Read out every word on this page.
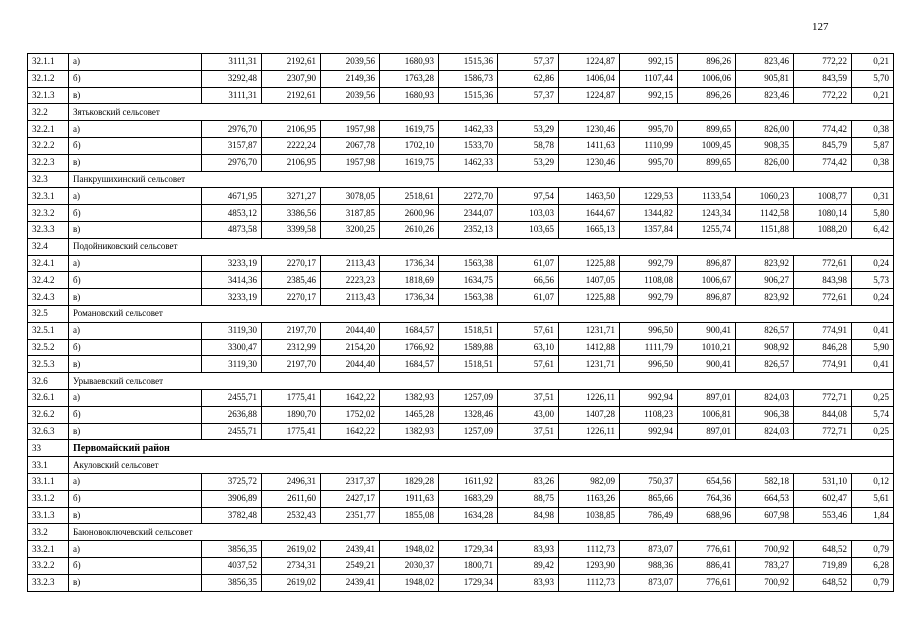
127
32.1.1	а)	3111,31	2192,61	2039,56	1680,93	1515,36	57,37	1224,87	992,15	896,26	823,46	772,22	0,21
32.1.2	б)	3292,48	2307,90	2149,36	1763,28	1586,73	62,86	1406,04	1107,44	1006,06	905,81	843,59	5,70
32.1.3	в)	3111,31	2192,61	2039,56	1680,93	1515,36	57,37	1224,87	992,15	896,26	823,46	772,22	0,21
32.2	Зятьковский сельсовет												
32.2.1	а)	2976,70	2106,95	1957,98	1619,75	1462,33	53,29	1230,46	995,70	899,65	826,00	774,42	0,38
32.2.2	б)	3157,87	2222,24	2067,78	1702,10	1533,70	58,78	1411,63	1110,99	1009,45	908,35	845,79	5,87
32.2.3	в)	2976,70	2106,95	1957,98	1619,75	1462,33	53,29	1230,46	995,70	899,65	826,00	774,42	0,38
32.3	Панкрушихинский сельсовет												
32.3.1	а)	4671,95	3271,27	3078,05	2518,61	2272,70	97,54	1463,50	1229,53	1133,54	1060,23	1008,77	0,31
32.3.2	б)	4853,12	3386,56	3187,85	2600,96	2344,07	103,03	1644,67	1344,82	1243,34	1142,58	1080,14	5,80
32.3.3	в)	4873,58	3399,58	3200,25	2610,26	2352,13	103,65	1665,13	1357,84	1255,74	1151,88	1088,20	6,42
32.4	Подойниковский сельсовет												
32.4.1	а)	3233,19	2270,17	2113,43	1736,34	1563,38	61,07	1225,88	992,79	896,87	823,92	772,61	0,24
32.4.2	б)	3414,36	2385,46	2223,23	1818,69	1634,75	66,56	1407,05	1108,08	1006,67	906,27	843,98	5,73
32.4.3	в)	3233,19	2270,17	2113,43	1736,34	1563,38	61,07	1225,88	992,79	896,87	823,92	772,61	0,24
32.5	Романовский сельсовет												
32.5.1	а)	3119,30	2197,70	2044,40	1684,57	1518,51	57,61	1231,71	996,50	900,41	826,57	774,91	0,41
32.5.2	б)	3300,47	2312,99	2154,20	1766,92	1589,88	63,10	1412,88	1111,79	1010,21	908,92	846,28	5,90
32.5.3	в)	3119,30	2197,70	2044,40	1684,57	1518,51	57,61	1231,71	996,50	900,41	826,57	774,91	0,41
32.6	Урываевский сельсовет												
32.6.1	а)	2455,71	1775,41	1642,22	1382,93	1257,09	37,51	1226,11	992,94	897,01	824,03	772,71	0,25
32.6.2	б)	2636,88	1890,70	1752,02	1465,28	1328,46	43,00	1407,28	1108,23	1006,81	906,38	844,08	5,74
32.6.3	в)	2455,71	1775,41	1642,22	1382,93	1257,09	37,51	1226,11	992,94	897,01	824,03	772,71	0,25
33	Первомайский район												
33.1	Акуловский сельсовет												
33.1.1	а)	3725,72	2496,31	2317,37	1829,28	1611,92	83,26	982,09	750,37	654,56	582,18	531,10	0,12
33.1.2	б)	3906,89	2611,60	2427,17	1911,63	1683,29	88,75	1163,26	865,66	764,36	664,53	602,47	5,61
33.1.3	в)	3782,48	2532,43	2351,77	1855,08	1634,28	84,98	1038,85	786,49	688,96	607,98	553,46	1,84
33.2	Баюновоключевский сельсовет												
33.2.1	а)	3856,35	2619,02	2439,41	1948,02	1729,34	83,93	1112,73	873,07	776,61	700,92	648,52	0,79
33.2.2	б)	4037,52	2734,31	2549,21	2030,37	1800,71	89,42	1293,90	988,36	886,41	783,27	719,89	6,28
33.2.3	в)	3856,35	2619,02	2439,41	1948,02	1729,34	83,93	1112,73	873,07	776,61	700,92	648,52	0,79
